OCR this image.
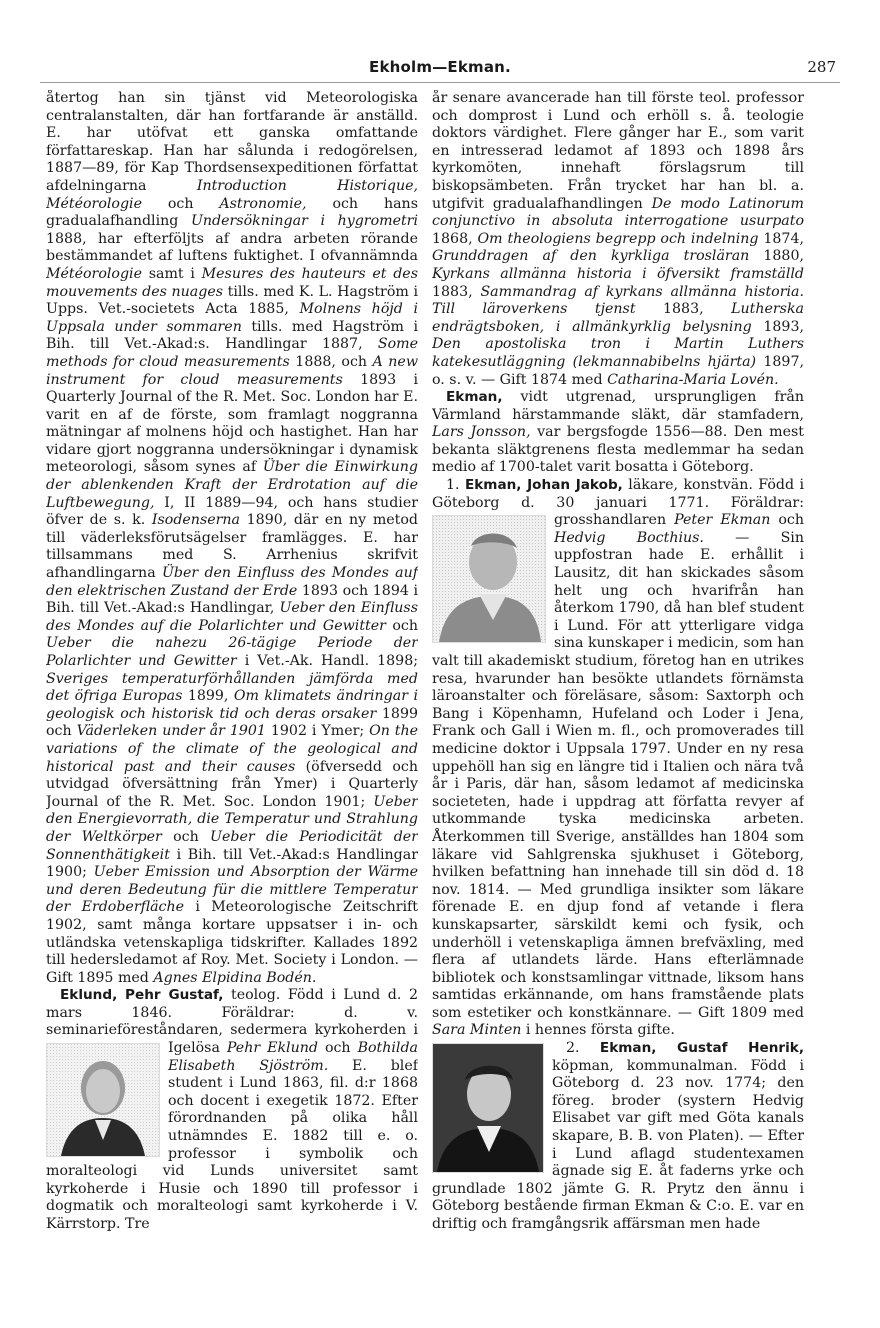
Ekholm—Ekman.	287

återtog han sin tjänst vid Meteorologiska centralanstalten, där han fortfarande är anställd. E. har utöfvat ett ganska omfattande författareskap. Han har sålunda i redogörelsen, 1887—89, för Kap Thordsensexpeditionen författat afdelningarna Introduction Historique, Météorologie och Astronomie, och hans gradualafhandling Undersökningar i hygrometri 1888, har efterföljts af andra arbeten rörande bestämmandet af luftens fuktighet. I ofvannämnda Météorologie samt i Mesures des hauteurs et des mouvements des nuages tills. med K. L. Hagström i Upps. Vet.-societets Acta 1885, Molnens höjd i Uppsala under sommaren tills. med Hagström i Bih. till Vet.-Akad:s. Handlingar 1887, Some methods for cloud measurements 1888, och A new instrument for cloud measurements 1893 i Quarterly Journal of the R. Met. Soc. London har E. varit en af de förste, som framlagt noggranna mätningar af molnens höjd och hastighet. Han har vidare gjort noggranna undersökningar i dynamisk meteorologi, såsom synes af Über die Einwirkung der ablenkenden Kraft der Erdrotation auf die Luftbewegung, I, II 1889—94, och hans studier öfver de s. k. Isodenserna 1890, där en ny metod till väderleksförutsägelser framlägges. E. har tillsammans med S. Arrhenius skrifvit afhandlingarna Über den Einfluss des Mondes auf den elektrischen Zustand der Erde 1893 och 1894 i Bih. till Vet.-Akad:s Handlingar, Ueber den Einfluss des Mondes auf die Polarlichter und Gewitter och Ueber die nahezu 26-tägige Periode der Polarlichter und Gewitter i Vet.-Ak. Handl. 1898; Sveriges temperaturförhållanden jämförda med det öfriga Europas 1899, Om klimatets ändringar i geologisk och historisk tid och deras orsaker 1899 och Väderleken under år 1901 1902 i Ymer; On the variations of the climate of the geological and historical past and their causes (öfversedd och utvidgad öfversättning från Ymer) i Quarterly Journal of the R. Met. Soc. London 1901; Ueber den Energievorrath, die Temperatur und Strahlung der Weltkörper och Ueber die Periodicität der Sonnenthätigkeit i Bih. till Vet.-Akad:s Handlingar 1900; Ueber Emission und Absorption der Wärme und deren Bedeutung für die mittlere Temperatur der Erdoberfläche i Meteorologische Zeitschrift 1902, samt många kortare uppsatser i in- och utländska vetenskapliga tidskrifter. Kallades 1892 till hedersledamot af Roy. Met. Society i London. — Gift 1895 med Agnes Elpidina Bodén.

Eklund, Pehr Gustaf, teolog. Född i Lund d. 2 mars 1846. Föräldrar: d. v. seminarieföreståndaren, sedermera kyrkoherden i Igelösa
Pehr Eklund och Bothilda Elisabeth Sjöström. E. blef student i Lund 1863, fil. d:r 1868 och docent i exegetik 1872. Efter förordnanden på olika håll utnämndes E. 1882 till e. o. professor i symbolik och moralteologi vid Lunds universitet samt kyrkoherde i Husie och 1890 till professor i dogmatik och moralteologi samt kyrkoherde i V. Kärrstorp. Tre

år senare avancerade han till förste teol. professor och domprost i Lund och erhöll s. å. teologie doktors värdighet. Flere gånger har E., som varit en intresserad ledamot af 1893 och 1898 års kyrkomöten, innehaft förslagsrum till biskopsämbeten. Från trycket har han bl. a. utgifvit gradualafhandlingen De modo Latinorum conjunctivo in absoluta interrogatione usurpato 1868, Om theologiens begrepp och indelning 1874, Grunddragen af den kyrkliga trosläran 1880, Kyrkans allmänna historia i öfversikt framställd 1883, Sammandrag af kyrkans allmänna historia. Till läroverkens tjenst 1883, Lutherska endrägtsboken, i allmänkyrklig belysning 1893, Den apostoliska tron i Martin Luthers katekesutläggning (lekmannabibelns hjärta) 1897, o. s. v. — Gift 1874 med Catharina-Maria Lovén.

Ekman, vidt utgrenad, ursprungligen från Värmland härstammande släkt, där stamfadern, Lars Jonsson, var bergsfogde 1556—88. Den mest bekanta släktgrenens flesta medlemmar ha sedan medio af 1700-talet varit bosatta i Göteborg.

1. Ekman, Johan Jakob, läkare, konstvän. Född i Göteborg d. 30 januari 1771. Föräldrar: grosshandlaren
Peter Ekman och Hedvig Bocthius. — Sin uppfostran hade E. erhållit i Lausitz, dit han skickades såsom helt ung och hvarifrån han återkom 1790, då han blef student i Lund. För att ytterligare vidga sina kunskaper i medicin, som han valt till akademiskt studium, företog han en utrikes resa, hvarunder han besökte utlandets förnämsta läroanstalter och föreläsare, såsom: Saxtorph och Bang i Köpenhamn, Hufeland och Loder i Jena, Frank och Gall i Wien m. fl., och promoverades till medicine doktor i Uppsala 1797. Under en ny resa uppehöll han sig en längre tid i Italien och nära två år i Paris, där han, såsom ledamot af medicinska societeten, hade i uppdrag att författa revyer af utkommande tyska medicinska arbeten. Återkommen till Sverige, anställdes han 1804 som läkare vid Sahlgrenska sjukhuset i Göteborg, hvilken befattning han innehade till sin död d. 18 nov. 1814. — Med grundliga insikter som läkare förenade E. en djup fond af vetande i flera kunskapsarter, särskildt kemi och fysik, och underhöll i vetenskapliga ämnen brefväxling, med flera af utlandets lärde. Hans efterlämnade bibliotek och konstsamlingar vittnade, liksom hans samtidas erkännande, om hans framstående plats som estetiker och konstkännare. — Gift 1809 med Sara Minten i hennes första gifte.

2. Ekman, Gustaf Henrik,
köpman, kommunalman. Född i Göteborg d. 23 nov. 1774; den föreg. broder (systern Hedvig Elisabet var gift med Göta kanals skapare, B. B. von Platen). — Efter i Lund aflagd studentexamen ägnade sig E. åt faderns yrke och grundlade 1802 jämte G. R. Prytz den ännu i Göteborg bestående firman Ekman & C:o. E. var en driftig och framgångsrik affärsman men hade
